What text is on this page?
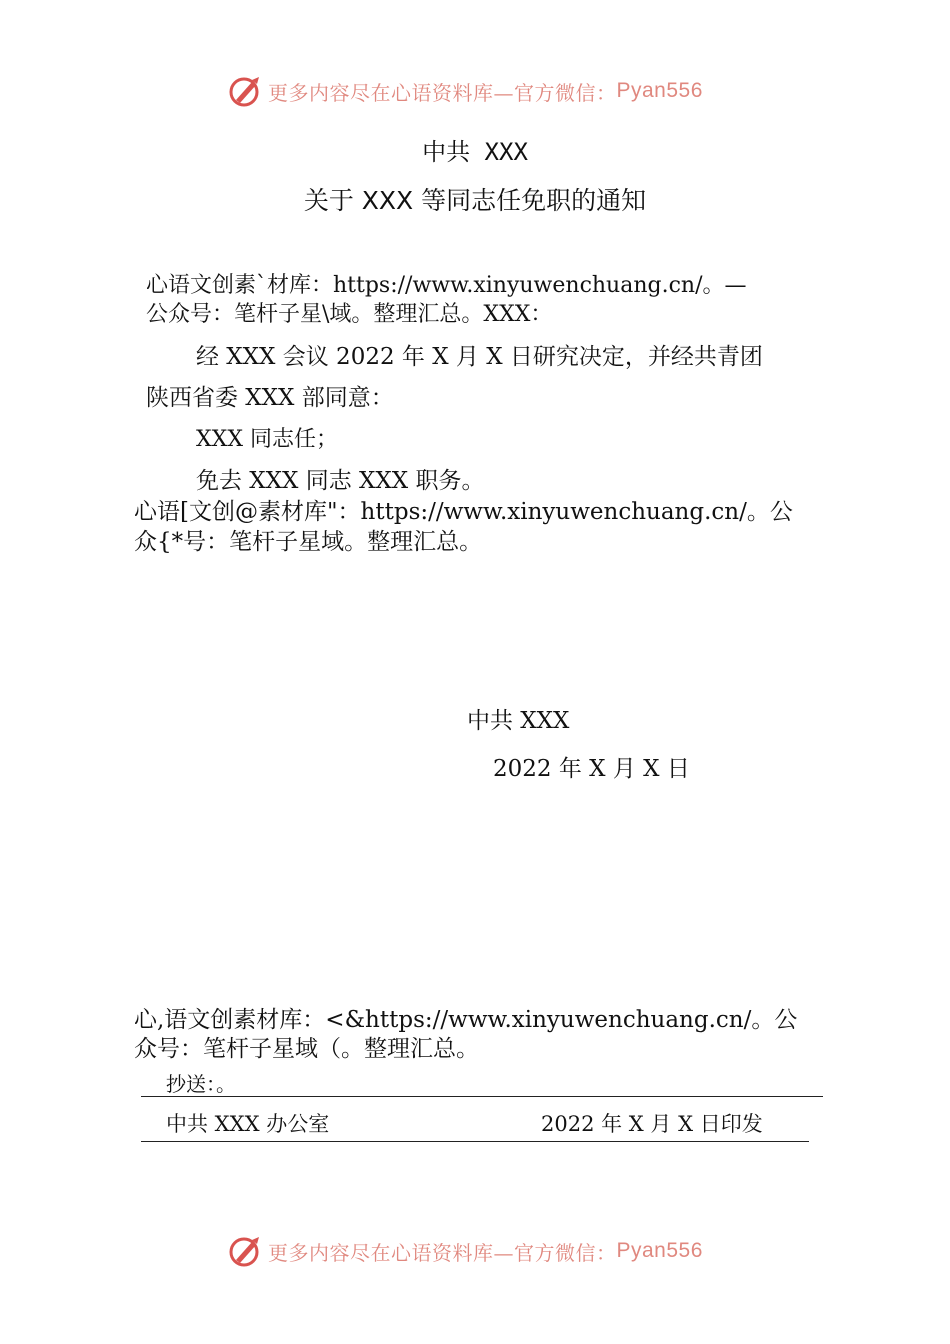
更多内容尽在心语资料库—官方微信： Pyan556
中共 XXX
关于 XXX 等同志任免职的通知
心语文创素`材库：https://www.xinyuwenchuang.cn/。—
公众号：笔杆子星\域。整理汇总。XXX：
经 XXX 会议 2022 年 X 月 X 日研究决定，并经共青团
陕西省委 XXX 部同意：
XXX 同志任；
免去 XXX 同志 XXX 职务。
心语[文创@素材库"：https://www.xinyuwenchuang.cn/。公
众{*号：笔杆子星域。整理汇总。
中共 XXX
2022 年 X 月 X 日
心,语文创素材库：<&https://www.xinyuwenchuang.cn/。公
众号：笔杆子星域（。整理汇总。
抄送：。
中共 XXX 办公室	2022 年 X 月 X 日印发
更多内容尽在心语资料库—官方微信： Pyan556
